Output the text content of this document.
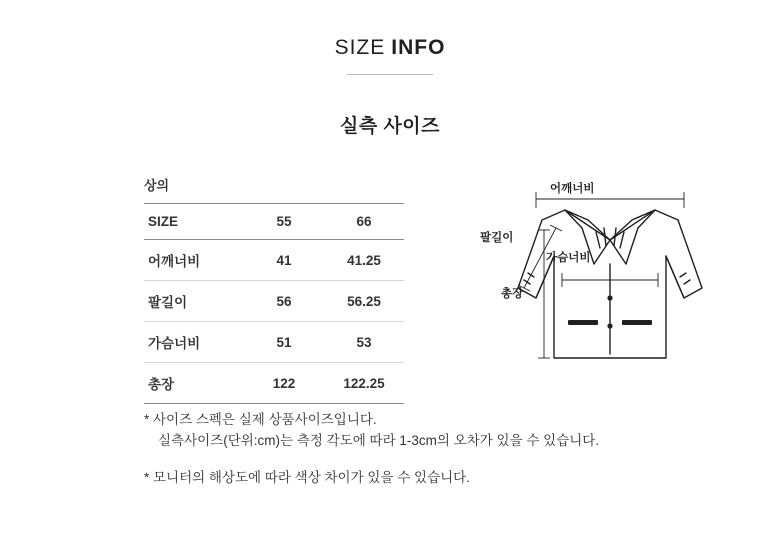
SIZE INFO
실측 사이즈
상의
SIZE	55	66
어깨너비	41	41.25
팔길이	56	56.25
가슴너비	51	53
총장	122	122.25
어깨너비
팔길이
가슴너비
총장
* 사이즈 스펙은 실제 상품사이즈입니다.
실측사이즈(단위:cm)는 측정 각도에 따라 1-3cm의 오차가 있을 수 있습니다.
* 모니터의 해상도에 따라 색상 차이가 있을 수 있습니다.
